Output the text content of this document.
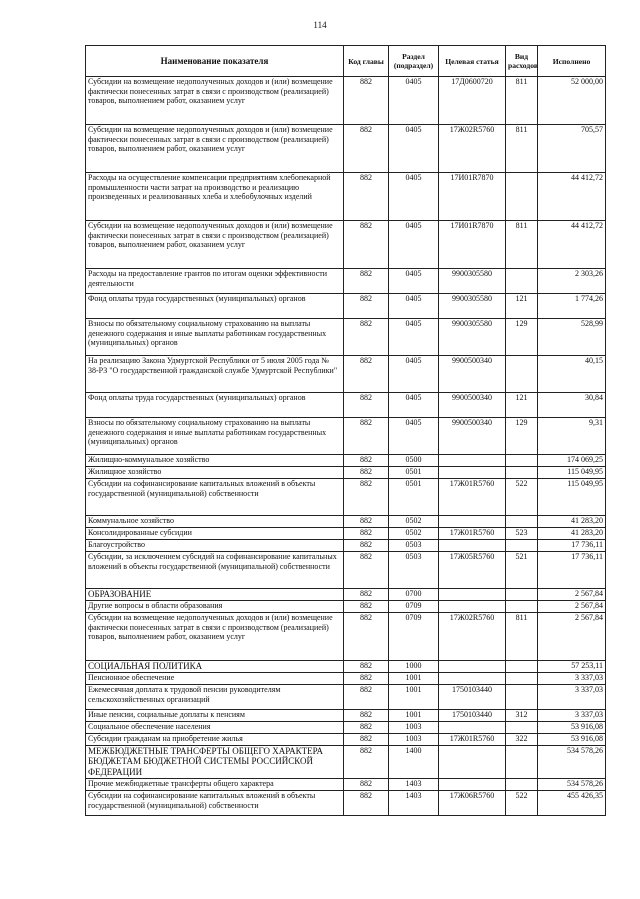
114
Наименование показателя	Код главы	Раздел (подраздел)	Целевая статья	Вид расходов	Исполнено
Субсидии на возмещение недополученных доходов и (или) возмещение фактически понесенных затрат в связи с производством (реализацией) товаров, выполнением работ, оказанием услуг	882	0405	17Д0600720	811	52 000,00
Субсидии на возмещение недополученных доходов и (или) возмещение фактически понесенных затрат в связи с производством (реализацией) товаров, выполнением работ, оказанием услуг	882	0405	17Ж02R5760	811	705,57
Расходы на осуществление компенсации предприятиям хлебопекарной промышленности части затрат на производство и реализацию произведенных и реализованных хлеба и хлебобулочных изделий	882	0405	17И01R7870		44 412,72
Субсидии на возмещение недополученных доходов и (или) возмещение фактически понесенных затрат в связи с производством (реализацией) товаров, выполнением работ, оказанием услуг	882	0405	17И01R7870	811	44 412,72
Расходы на предоставление грантов по итогам оценки эффективности деятельности	882	0405	9900305580		2 303,26
Фонд оплаты труда государственных (муниципальных) органов	882	0405	9900305580	121	1 774,26
Взносы по обязательному социальному страхованию на выплаты денежного содержания и иные выплаты работникам государственных (муниципальных) органов	882	0405	9900305580	129	528,99
На реализацию Закона Удмуртской Республики от 5 июля 2005 года № 38-РЗ "О государственной гражданской службе Удмуртской Республики"	882	0405	9900500340		40,15
Фонд оплаты труда государственных (муниципальных) органов	882	0405	9900500340	121	30,84
Взносы по обязательному социальному страхованию на выплаты денежного содержания и иные выплаты работникам государственных (муниципальных) органов	882	0405	9900500340	129	9,31
Жилищно-коммунальное хозяйство	882	0500			174 069,25
Жилищное хозяйство	882	0501			115 049,95
Субсидии на софинансирование капитальных вложений в объекты государственной (муниципальной) собственности	882	0501	17Ж01R5760	522	115 049,95
Коммунальное хозяйство	882	0502			41 283,20
Консолидированные субсидии	882	0502	17Ж01R5760	523	41 283,20
Благоустройство	882	0503			17 736,11
Субсидии, за исключением субсидий на софинансирование капитальных вложений в объекты государственной (муниципальной) собственности	882	0503	17Ж05R5760	521	17 736,11
ОБРАЗОВАНИЕ	882	0700			2 567,84
Другие вопросы в области образования	882	0709			2 567,84
Субсидии на возмещение недополученных доходов и (или) возмещение фактически понесенных затрат в связи с производством (реализацией) товаров, выполнением работ, оказанием услуг	882	0709	17Ж02R5760	811	2 567,84
СОЦИАЛЬНАЯ ПОЛИТИКА	882	1000			57 253,11
Пенсионное обеспечение	882	1001			3 337,03
Ежемесячная доплата к трудовой пенсии руководителям сельскохозяйственных организаций	882	1001	1750103440		3 337,03
Иные пенсии, социальные доплаты к пенсиям	882	1001	1750103440	312	3 337,03
Социальное обеспечение населения	882	1003			53 916,08
Субсидии гражданам на приобретение жилья	882	1003	17Ж01R5760	322	53 916,08
МЕЖБЮДЖЕТНЫЕ ТРАНСФЕРТЫ ОБЩЕГО ХАРАКТЕРА БЮДЖЕТАМ БЮДЖЕТНОЙ СИСТЕМЫ РОССИЙСКОЙ ФЕДЕРАЦИИ	882	1400			534 578,26
Прочие межбюджетные трансферты общего характера	882	1403			534 578,26
Субсидии на софинансирование капитальных вложений в объекты государственной (муниципальной) собственности	882	1403	17Ж06R5760	522	455 426,35
